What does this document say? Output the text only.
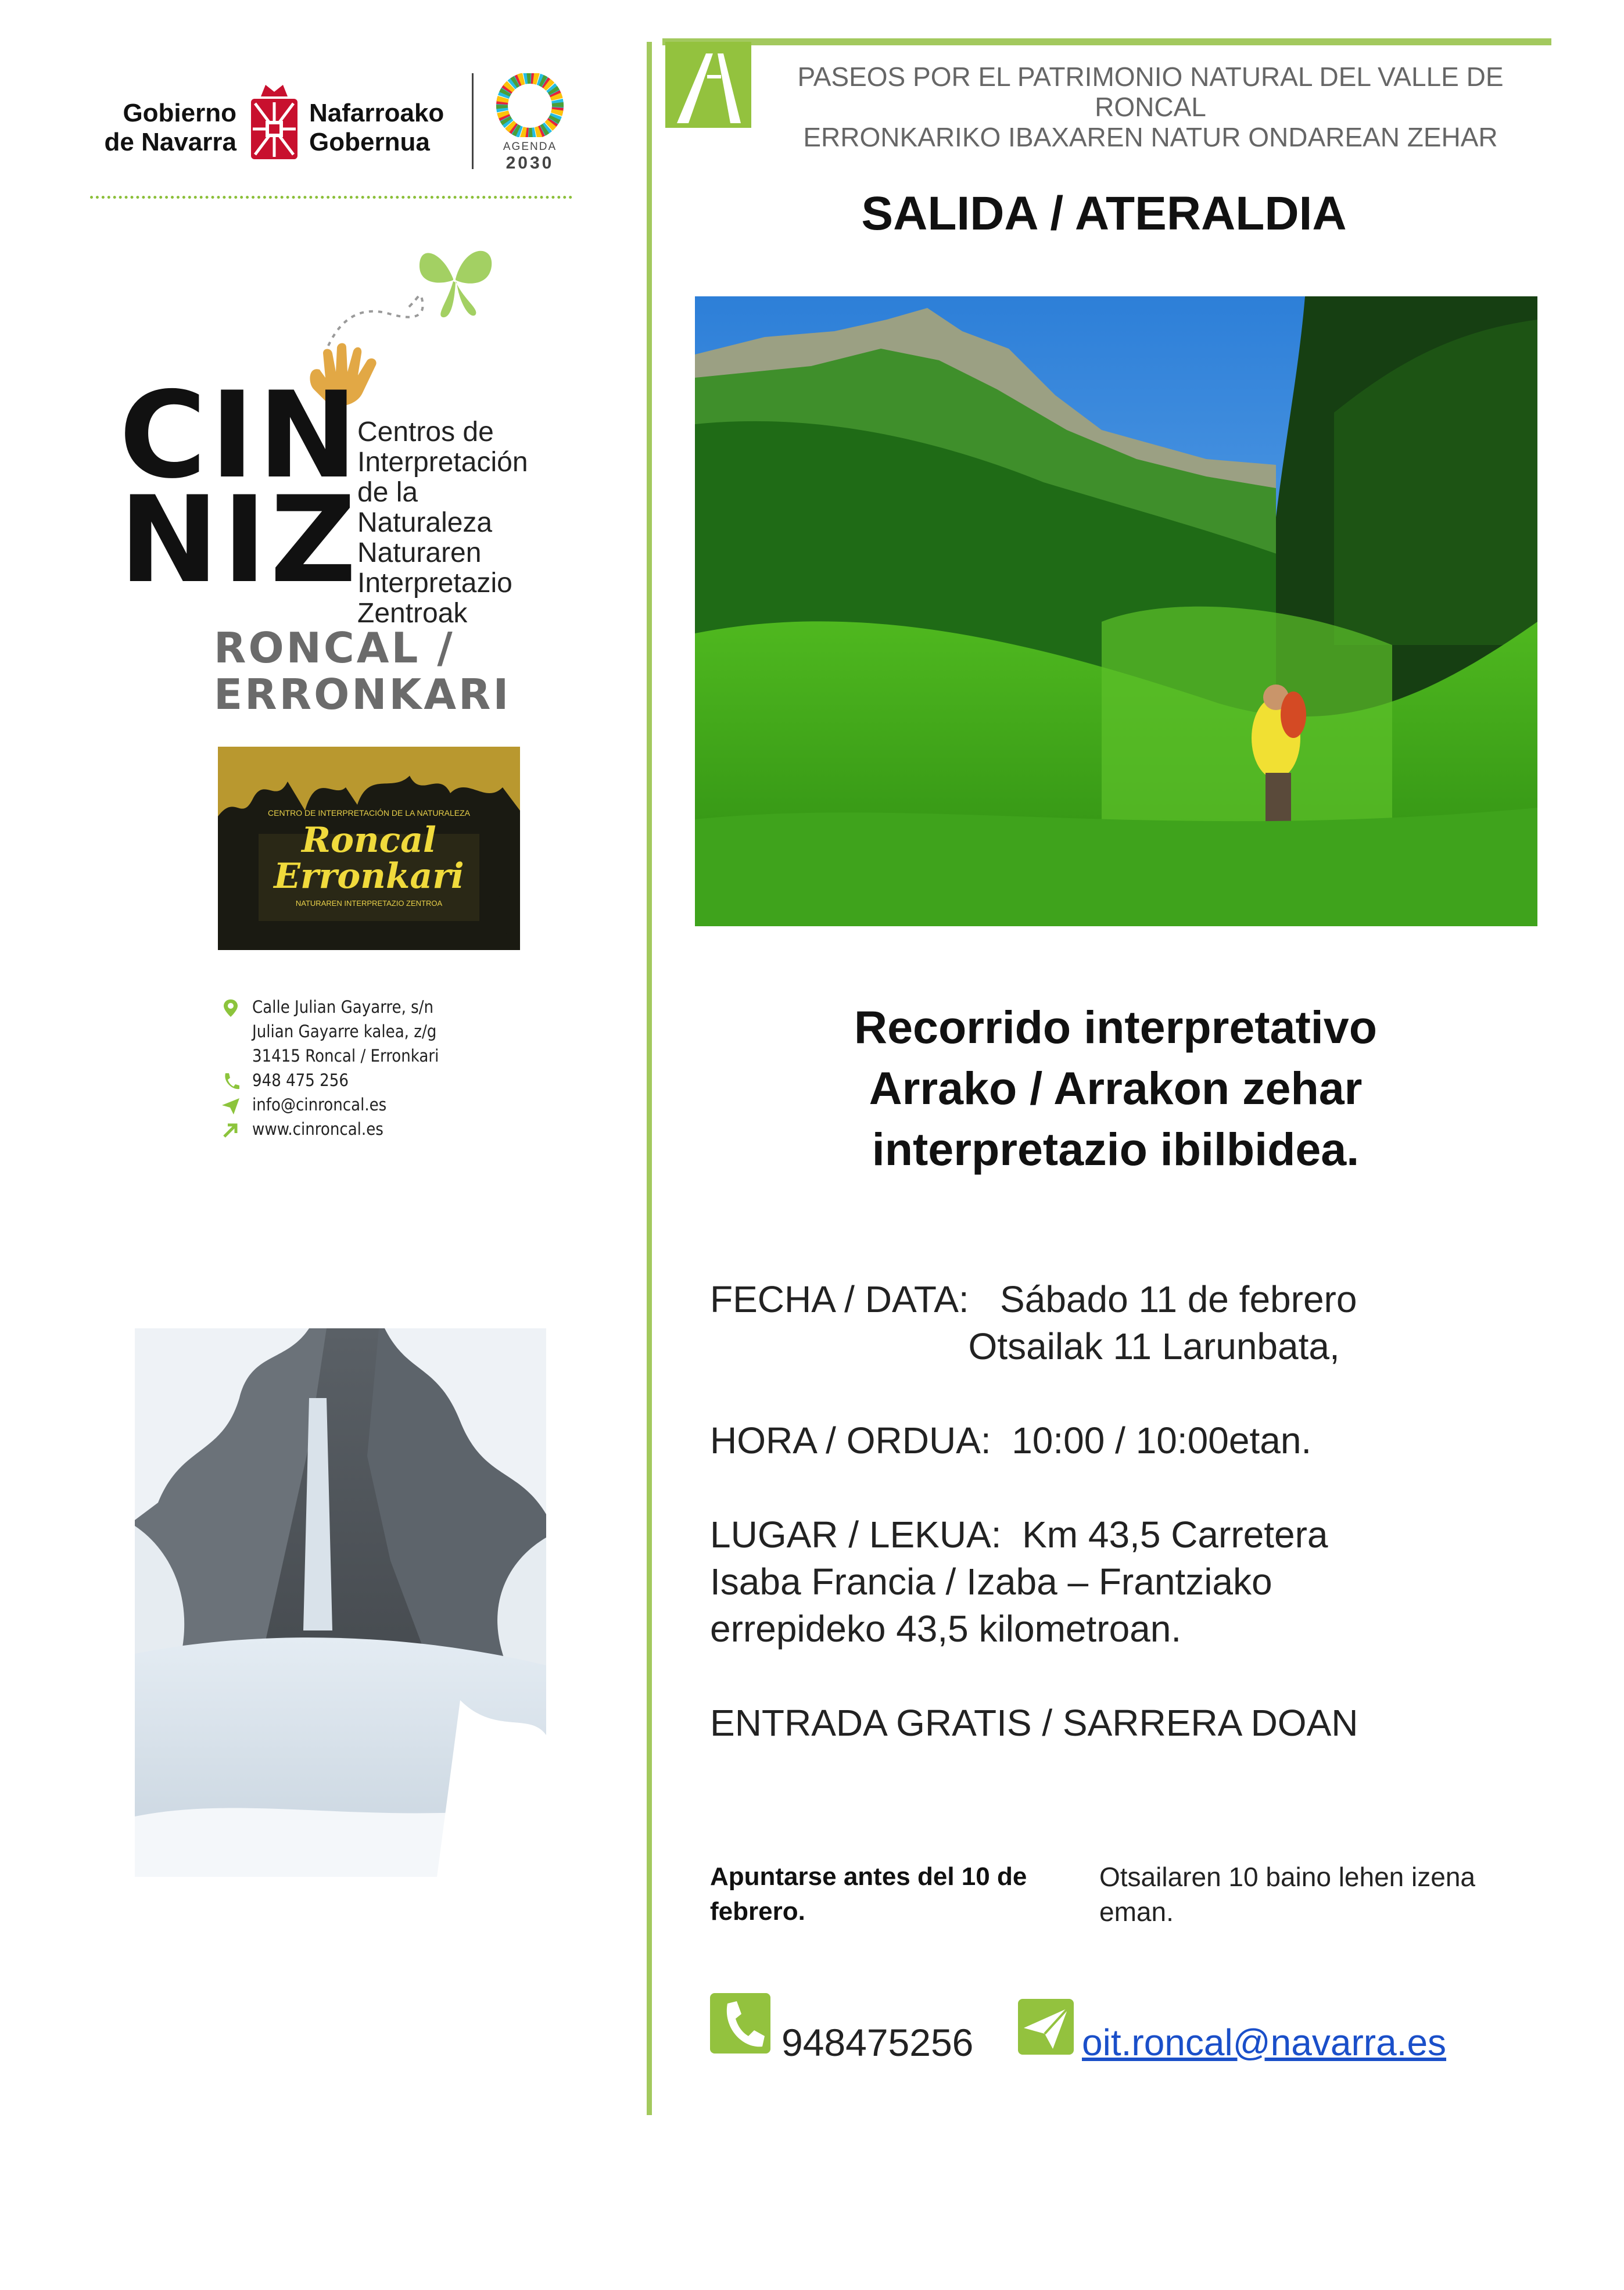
Gobierno
de Navarra
Nafarroako
Gobernua	AGENDA
2030
CIN
NIZ
Centros de
Interpretación
de la Naturaleza
Naturaren
Interpretazio
Zentroak
RONCAL /
ERRONKARI
CENTRO DE INTERPRETACIÓN DE LA NATURALEZA
Roncal
Erronkari
NATURAREN INTERPRETAZIO ZENTROA
Calle Julian Gayarre, s/n
Julian Gayarre kalea, z/g
31415 Roncal / Erronkari
948 475 256
info@cinroncal.es
www.cinroncal.es
PASEOS POR EL PATRIMONIO NATURAL DEL VALLE DE
RONCAL
ERRONKARIKO IBAXAREN NATUR ONDAREAN ZEHAR
SALIDA / ATERALDIA
Recorrido interpretativo
Arrako / Arrakon zehar
interpretazio ibilbidea.
FECHA / DATA:   Sábado 11 de febrero
Otsailak 11 Larunbata,
HORA / ORDUA:  10:00 / 10:00etan.
LUGAR / LEKUA:  Km 43,5 Carretera
Isaba Francia / Izaba – Frantziako
errepideko 43,5 kilometroan.
ENTRADA GRATIS / SARRERA DOAN
Apuntarse antes del 10 de febrero.
Otsailaren 10 baino lehen izena eman.
948475256	oit.roncal@navarra.es
